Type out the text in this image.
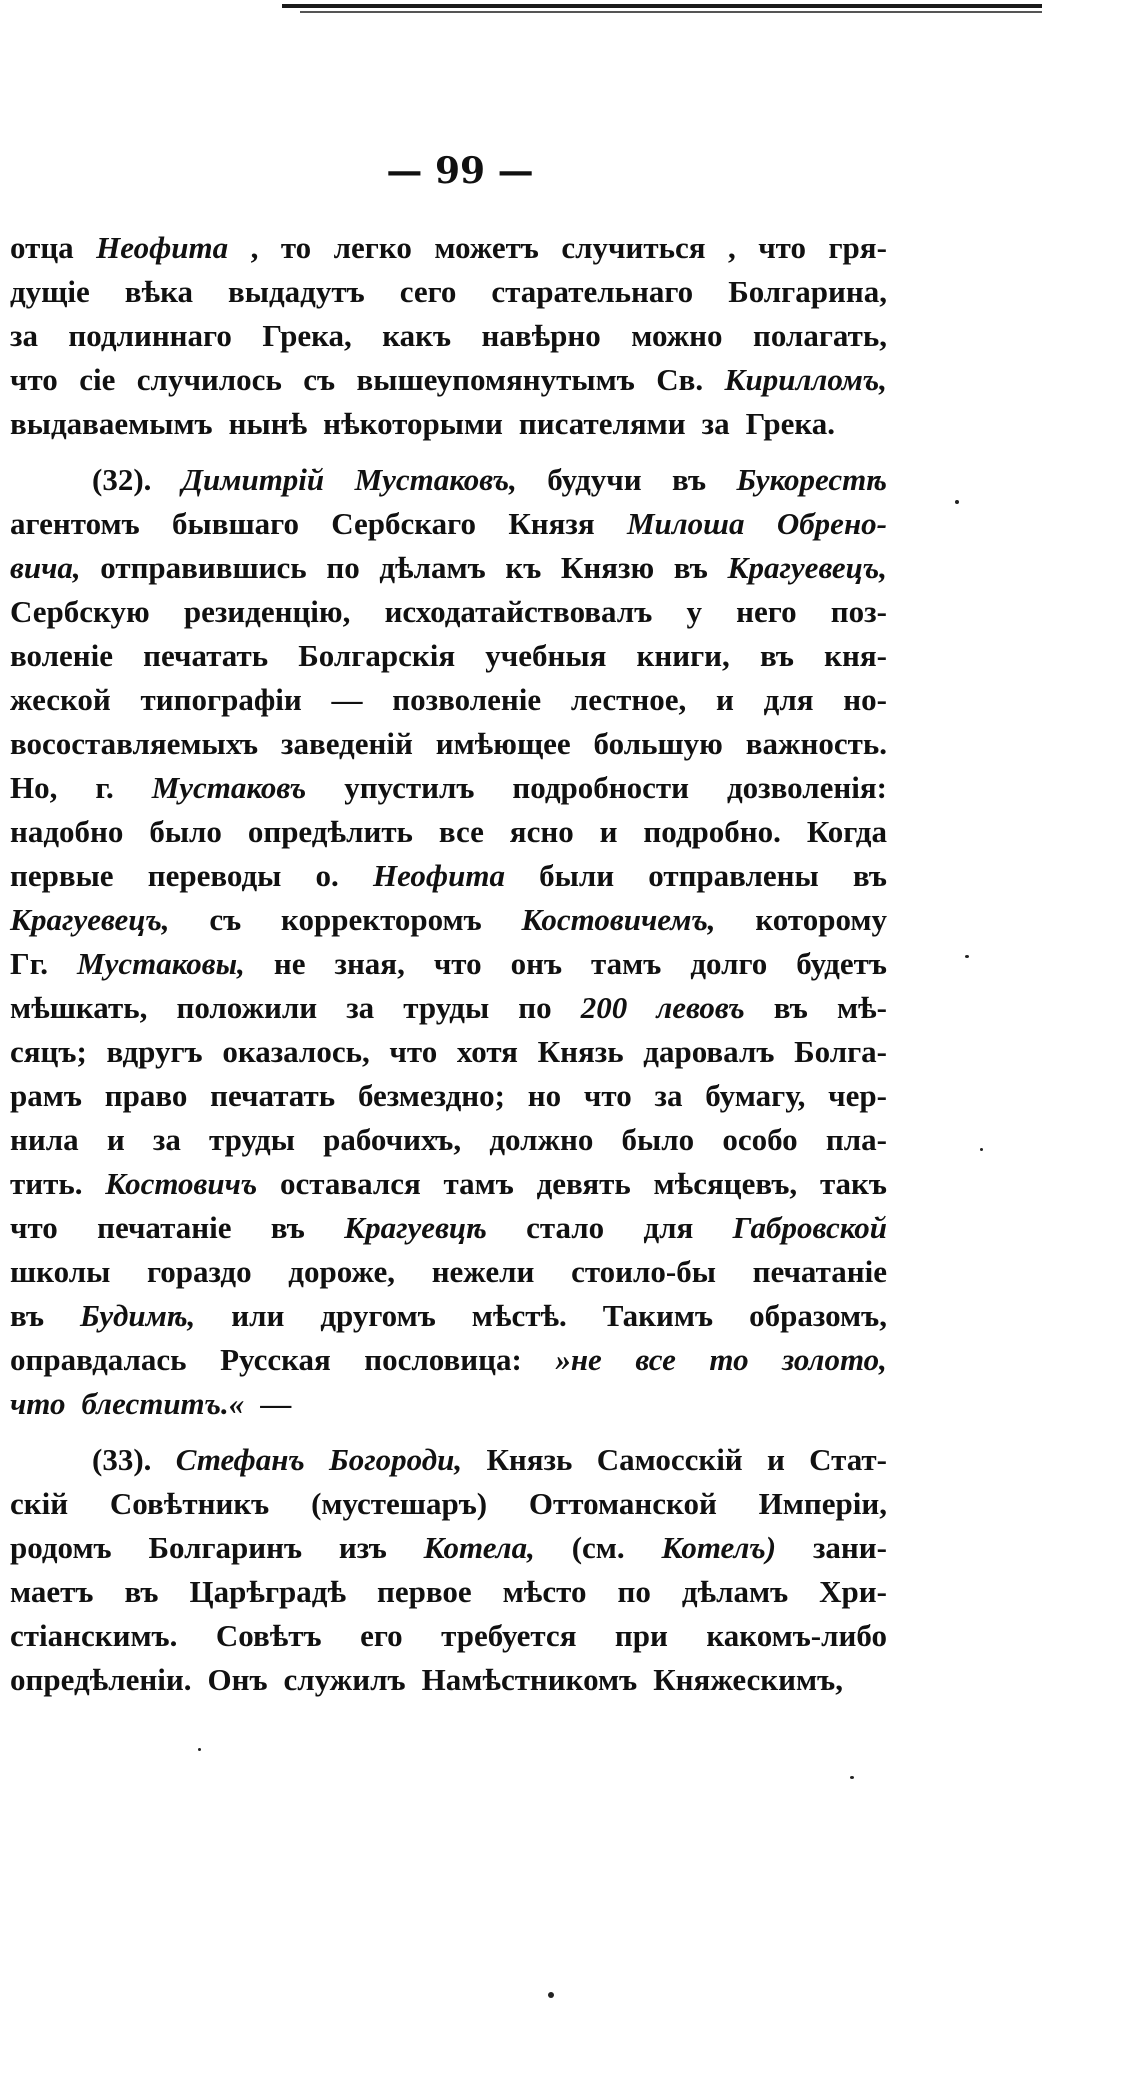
— 99 —
отца Неофита , то легко можетъ случиться , что гря-
дущіе вѣка выдадутъ сего старательнаго Болгарина,
за подлиннаго Грека, какъ навѣрно можно полагать,
что сіе случилось съ вышеупомянутымъ Св. Кирилломъ,
выдаваемымъ нынѣ нѣкоторыми писателями за Грека.
(32). Димитрій Мустаковъ, будучи въ Букорестѣ
агентомъ бывшаго Сербскаго Князя Милоша Обрено-
вича, отправившись по дѣламъ къ Князю въ Крагуевецъ,
Сербскую резиденцію, исходатайствовалъ у него поз-
воленіе печатать Болгарскія учебныя книги, въ кня-
жеской типографіи — позволеніе лестное, и для но-
восоставляемыхъ заведеній имѣющее большую важность.
Но, г. Мустаковъ упустилъ подробности дозволенія:
надобно было опредѣлить все ясно и подробно. Когда
первые переводы о. Неофита были отправлены въ
Крагуевецъ, съ корректоромъ Костовичемъ, которому
Гг. Мустаковы, не зная, что онъ тамъ долго будетъ
мѣшкать, положили за труды по 200 левовъ въ мѣ-
сяцъ; вдругъ оказалось, что хотя Князь даровалъ Болга-
рамъ право печатать безмездно; но что за бумагу, чер-
нила и за труды рабочихъ, должно было особо пла-
тить. Костовичъ оставался тамъ девять мѣсяцевъ, такъ
что печатаніе въ Крагуевцѣ стало для Габровской
школы гораздо дороже, нежели стоило-бы печатаніе
въ Будимѣ, или другомъ мѣстѣ. Такимъ образомъ,
оправдалась Русская пословица: »не все то золото,
что блеститъ.« —
(33). Стефанъ Богороди, Князь Самосскій и Стат-
скій Совѣтникъ (мустешаръ) Оттоманской Имперіи,
родомъ Болгаринъ изъ Котела, (см. Котелъ) зани-
маетъ въ Царѣградѣ первое мѣсто по дѣламъ Хри-
стіанскимъ. Совѣтъ его требуется при какомъ-либо
опредѣленіи. Онъ служилъ Намѣстникомъ Княжескимъ,
